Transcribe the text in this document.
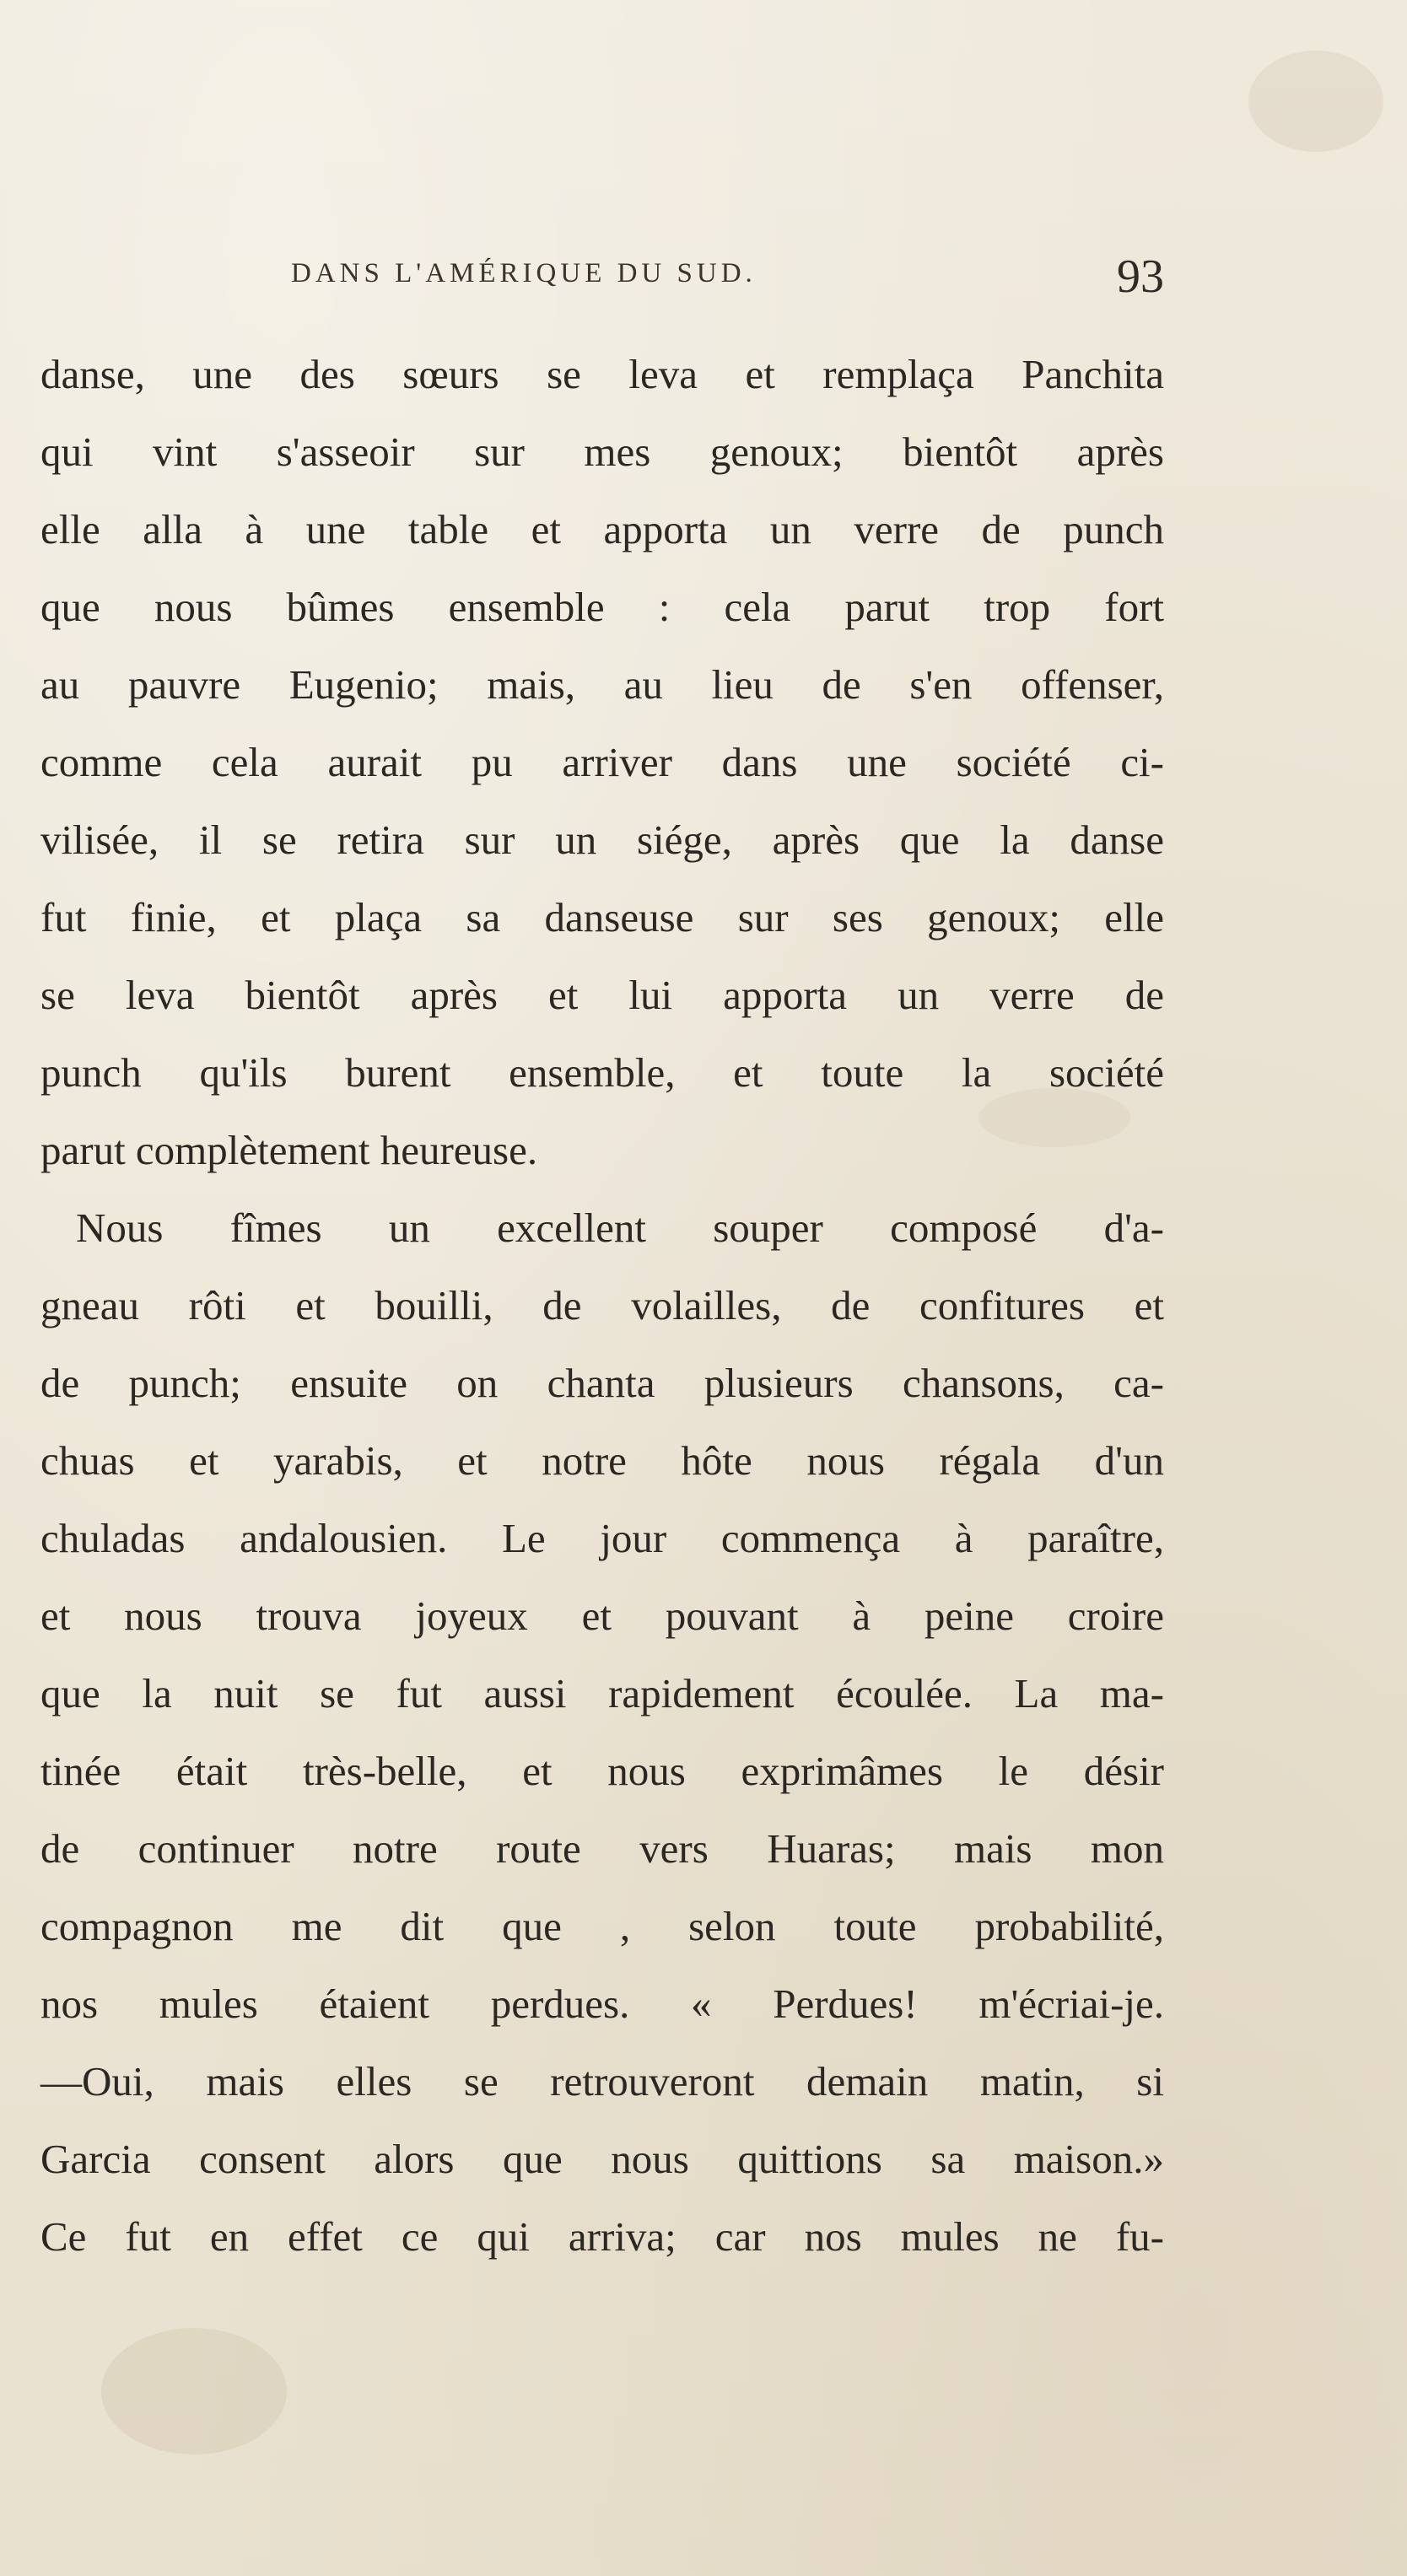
DANS L'AMÉRIQUE DU SUD.	93
danse, une des sœurs se leva et remplaça Panchita
qui vint s'asseoir sur mes genoux; bientôt après
elle alla à une table et apporta un verre de punch
que nous bûmes ensemble : cela parut trop fort
au pauvre Eugenio; mais, au lieu de s'en offenser,
comme cela aurait pu arriver dans une société ci-
vilisée, il se retira sur un siége, après que la danse
fut finie, et plaça sa danseuse sur ses genoux; elle
se leva bientôt après et lui apporta un verre de
punch qu'ils burent ensemble, et toute la société
parut complètement heureuse.
Nous fîmes un excellent souper composé d'a-
gneau rôti et bouilli, de volailles, de confitures et
de punch; ensuite on chanta plusieurs chansons, ca-
chuas et yarabis, et notre hôte nous régala d'un
chuladas andalousien. Le jour commença à paraître,
et nous trouva joyeux et pouvant à peine croire
que la nuit se fut aussi rapidement écoulée. La ma-
tinée était très-belle, et nous exprimâmes le désir
de continuer notre route vers Huaras; mais mon
compagnon me dit que , selon toute probabilité,
nos mules étaient perdues. « Perdues! m'écriai-je.
—Oui, mais elles se retrouveront demain matin, si
Garcia consent alors que nous quittions sa maison.»
Ce fut en effet ce qui arriva; car nos mules ne fu-
